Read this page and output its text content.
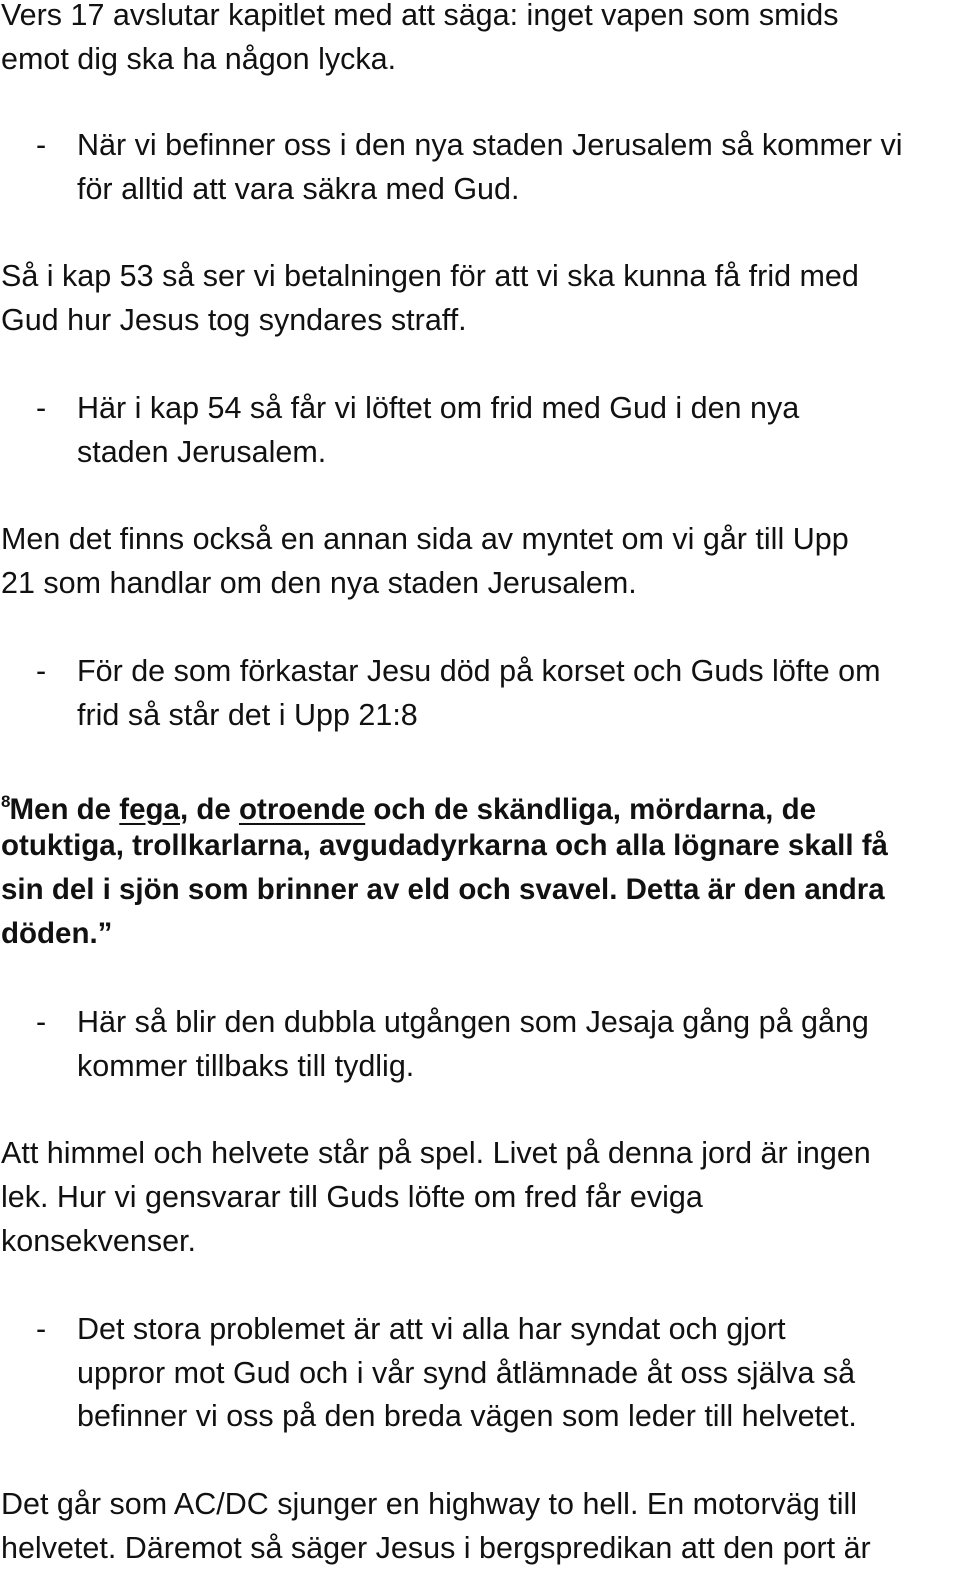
Vers 17 avslutar kapitlet med att säga: inget vapen som smids
emot dig ska ha någon lycka.
- När vi befinner oss i den nya staden Jerusalem så kommer vi
för alltid att vara säkra med Gud.
Så i kap 53 så ser vi betalningen för att vi ska kunna få frid med
Gud hur Jesus tog syndares straff.
- Här i kap 54 så får vi löftet om frid med Gud i den nya
staden Jerusalem.
Men det finns också en annan sida av myntet om vi går till Upp
21 som handlar om den nya staden Jerusalem.
- För de som förkastar Jesu död på korset och Guds löfte om
frid så står det i Upp 21:8
$^8$Men de fega, de otroende och de skändliga, mördarna, de
otuktiga, trollkarlarna, avgudadyrkarna och alla lögnare skall få
sin del i sjön som brinner av eld och svavel. Detta är den andra
döden.”
- Här så blir den dubbla utgången som Jesaja gång på gång
kommer tillbaks till tydlig.
Att himmel och helvete står på spel. Livet på denna jord är ingen
lek. Hur vi gensvarar till Guds löfte om fred får eviga
konsekvenser.
- Det stora problemet är att vi alla har syndat och gjort
uppror mot Gud och i vår synd åtlämnade åt oss själva så
befinner vi oss på den breda vägen som leder till helvetet.
Det går som AC/DC sjunger en highway to hell. En motorväg till
helvetet. Däremot så säger Jesus i bergspredikan att den port är
